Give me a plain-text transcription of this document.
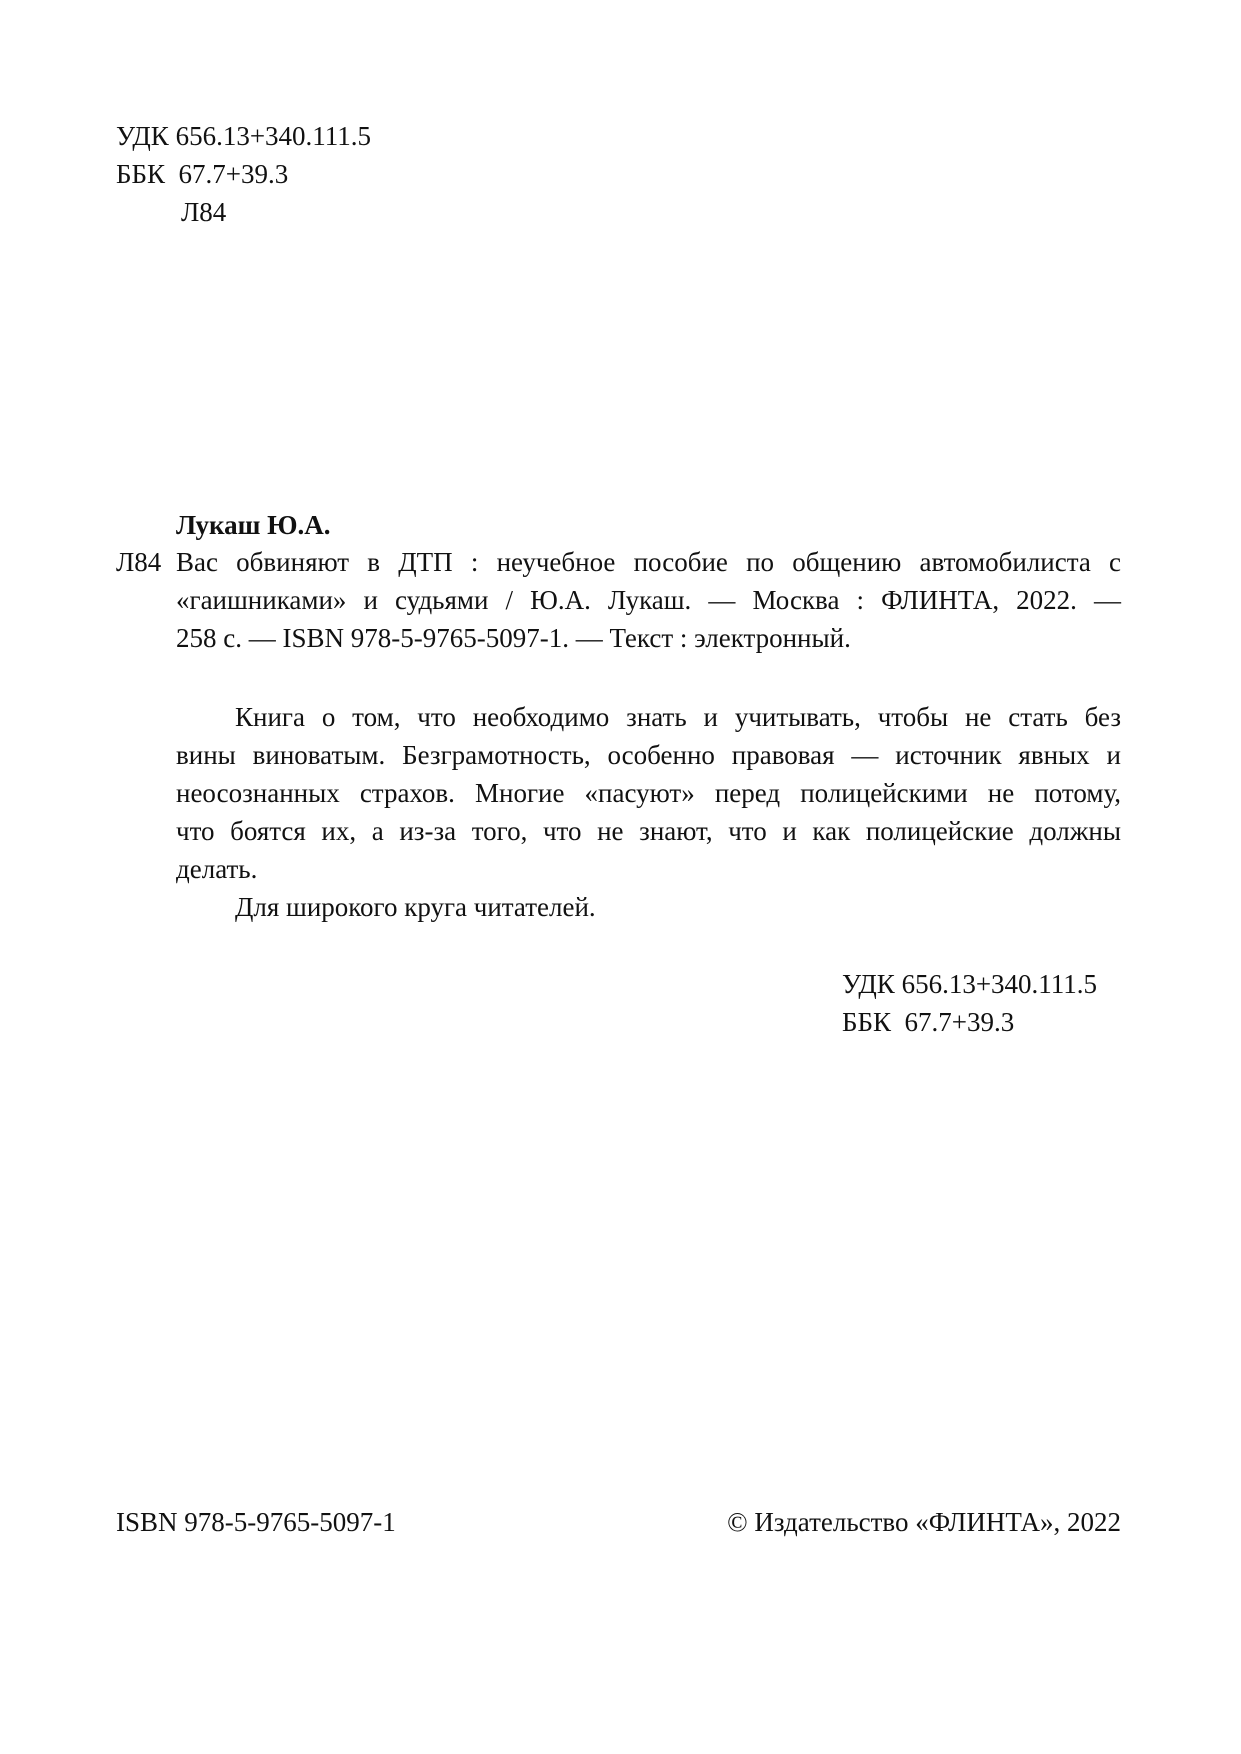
УДК 656.13+340.111.5
ББК  67.7+39.3
Л84
Лукаш Ю.А.
Л84 Вас обвиняют в ДТП : неучебное пособие по общению автомобилиста с
«гаишниками» и судьями / Ю.А. Лукаш. — Москва : ФЛИНТА, 2022. —
258 с. — ISBN 978-5-9765-5097-1. — Текст : электронный.
Книга о том, что необходимо знать и учитывать, чтобы не стать без
вины виноватым. Безграмотность, особенно правовая — источник явных и
неосознанных страхов. Многие «пасуют» перед полицейскими не потому,
что боятся их, а из-за того, что не знают, что и как полицейские должны
делать.
Для широкого круга читателей.
УДК 656.13+340.111.5
ББК  67.7+39.3
ISBN 978-5-9765-5097-1	© Издательство «ФЛИНТА», 2022
